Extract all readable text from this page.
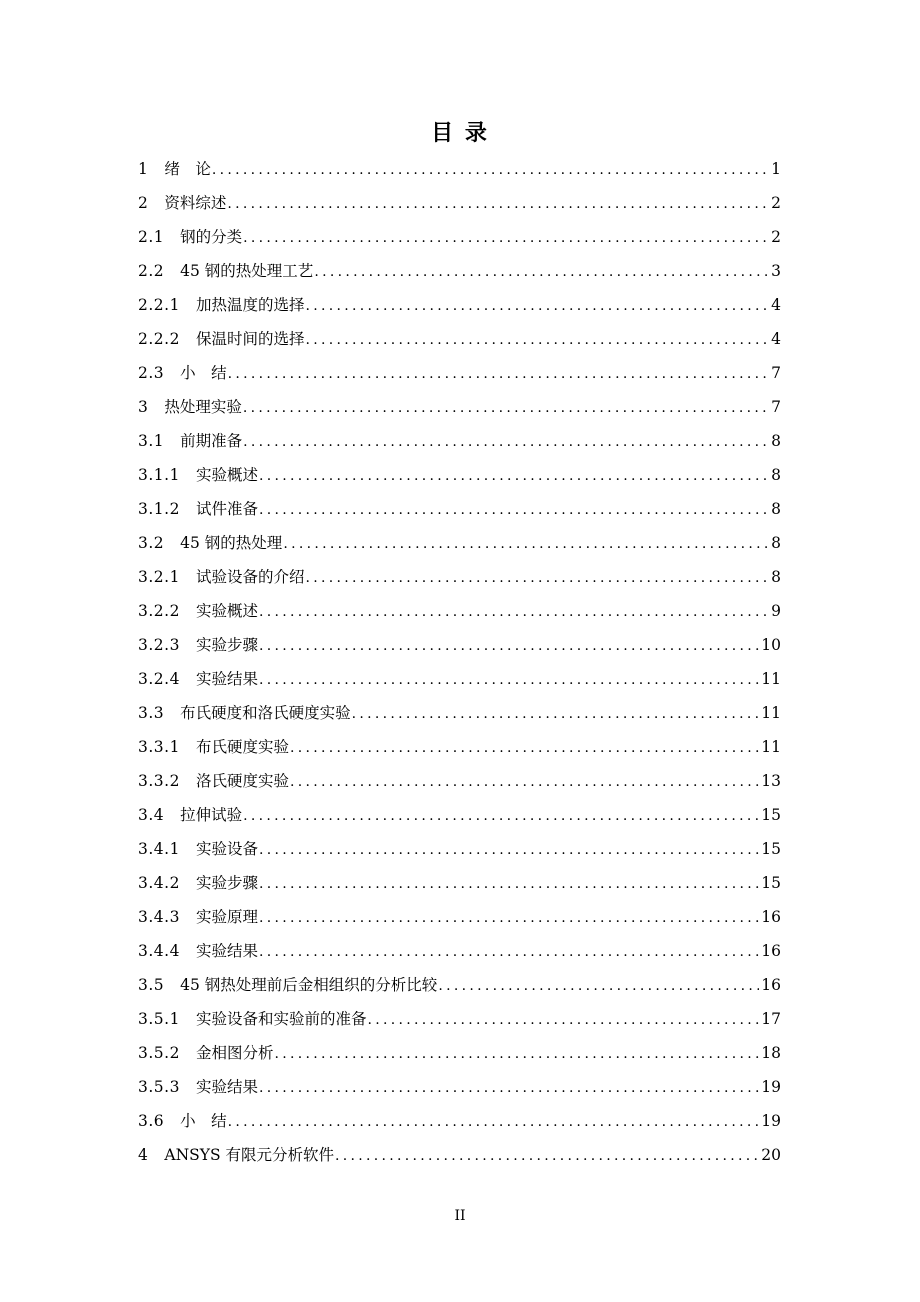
目 录
1 绪　论 .....	1
2 资料综述 .....	2
2.1 钢的分类 .....	2
2.2 45 钢的热处理工艺 .....	3
2.2.1 加热温度的选择 .....	4
2.2.2 保温时间的选择 .....	4
2.3 小　结 .....	7
3 热处理实验 .....	7
3.1 前期准备 .....	8
3.1.1 实验概述 .....	8
3.1.2 试件准备 .....	8
3.2 45 钢的热处理 .....	8
3.2.1 试验设备的介绍 .....	8
3.2.2 实验概述 .....	9
3.2.3 实验步骤 .....	10
3.2.4 实验结果 .....	11
3.3 布氏硬度和洛氏硬度实验 .....	11
3.3.1 布氏硬度实验 .....	11
3.3.2 洛氏硬度实验 .....	13
3.4 拉伸试验 .....	15
3.4.1 实验设备 .....	15
3.4.2 实验步骤 .....	15
3.4.3 实验原理 .....	16
3.4.4 实验结果 .....	16
3.5 45 钢热处理前后金相组织的分析比较 .....	16
3.5.1 实验设备和实验前的准备 .....	17
3.5.2 金相图分析 .....	18
3.5.3 实验结果 .....	19
3.6 小　结 .....	19
4 ANSYS 有限元分析软件 .....	20
II
